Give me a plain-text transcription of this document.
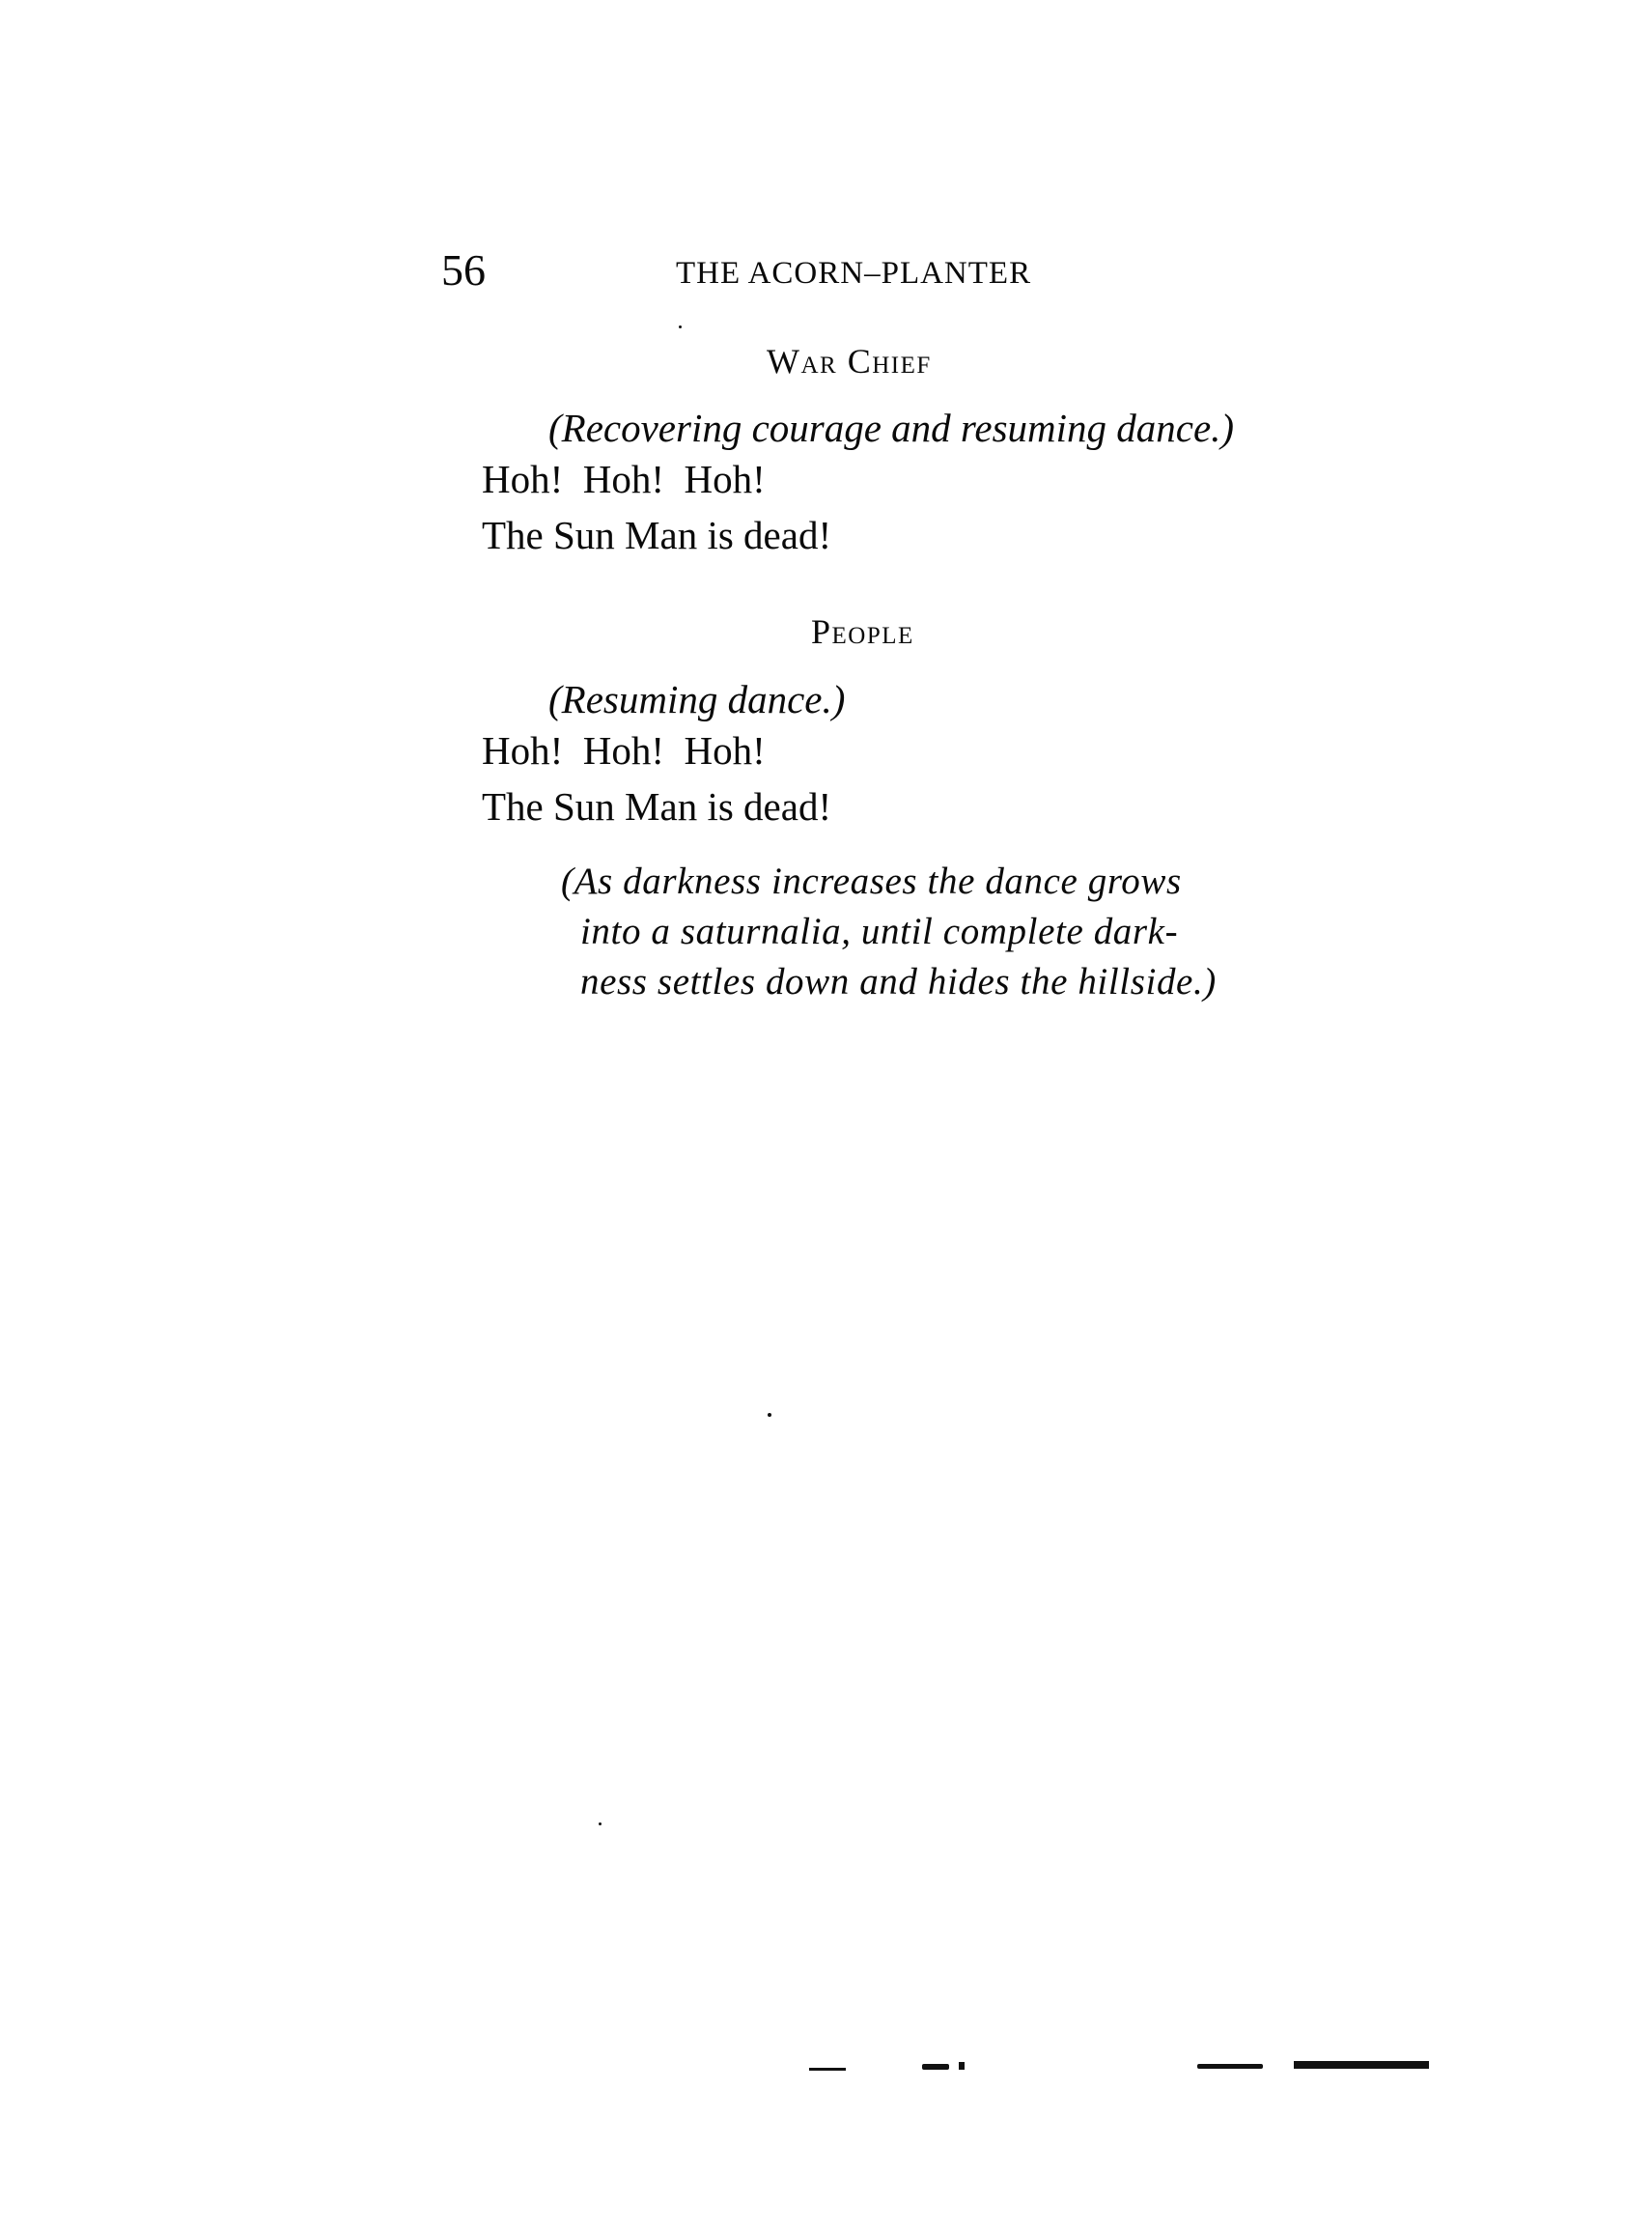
56	THE ACORN–PLANTER
War Chief
(Recovering courage and resuming dance.)
Hoh!  Hoh!  Hoh!
The Sun Man is dead!
People
(Resuming dance.)
Hoh!  Hoh!  Hoh!
The Sun Man is dead!
(As darkness increases the dance grows
into a saturnalia, until complete dark-
ness settles down and hides the hillside.)
